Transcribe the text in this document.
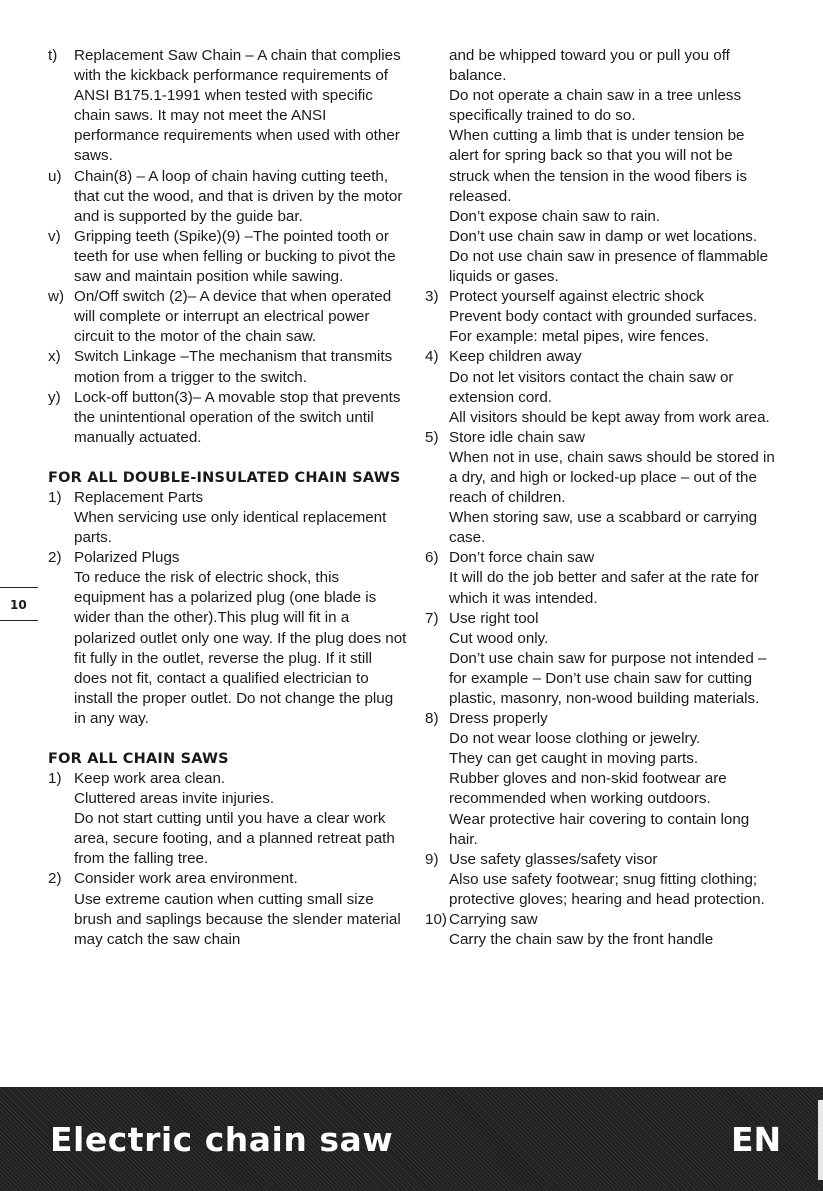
t)	Replacement Saw Chain – A chain that complies with the kickback performance requirements of ANSI B175.1-1991 when tested with specific chain saws. It may not meet the ANSI performance requirements when used with other saws.
u) Chain(8) – A loop of chain having cutting teeth, that cut the wood, and that is driven by the motor and is supported by the guide bar.
v) Gripping teeth (Spike)(9) –The pointed tooth or teeth for use when felling or bucking to pivot the saw and maintain position while sawing.
w) On/Off switch (2)– A device that when operated will complete or interrupt an electrical power circuit to the motor of the chain saw.
x) Switch Linkage –The mechanism that transmits motion from a trigger to the switch.
y) Lock-off button(3)– A movable stop that prevents the unintentional operation of the switch until manually actuated.
FOR ALL DOUBLE-INSULATED CHAIN SAWS
1) Replacement Parts
When servicing use only identical replacement parts.
2) Polarized Plugs
To reduce the risk of electric shock, this equipment has a polarized plug (one blade is wider than the other).This plug will fit in a polarized outlet only one way. If the plug does not fit fully in the outlet, reverse the plug. If it still does not fit, contact a qualified electrician to install the proper outlet. Do not change the plug in any way.
FOR ALL CHAIN SAWS
1) Keep work area clean.
Cluttered areas invite injuries.
Do not start cutting until you have a clear work area, secure footing, and a planned retreat path from the falling tree.
2) Consider work area environment.
Use extreme caution when cutting small size brush and saplings because the slender material may catch the saw chain
and be whipped toward you or pull you off balance.
Do not operate a chain saw in a tree unless specifically trained to do so.
When cutting a limb that is under tension be alert for spring back so that you will not be struck when the tension in the wood fibers is released.
Don’t expose chain saw to rain.
Don’t use chain saw in damp or wet locations.
Do not use chain saw in presence of flammable liquids or gases.
3) Protect yourself against electric shock
Prevent body contact with grounded surfaces. For example: metal pipes, wire fences.
4) Keep children away
Do not let visitors contact the chain saw or extension cord.
All visitors should be kept away from work area.
5) Store idle chain saw
When not in use, chain saws should be stored in a dry, and high or locked-up place – out of the reach of children.
When storing saw, use a scabbard or carrying case.
6) Don’t force chain saw
It will do the job better and safer at the rate for which it was intended.
7) Use right tool
Cut wood only.
Don’t use chain saw for purpose not intended – for example – Don’t use chain saw for cutting plastic, masonry, non-wood building materials.
8) Dress properly
Do not wear loose clothing or jewelry.
They can get caught in moving parts.
Rubber gloves and non-skid footwear are recommended when working outdoors.
Wear protective hair covering to contain long hair.
9) Use safety glasses/safety visor
Also use safety footwear; snug fitting clothing; protective gloves; hearing and head protection.
10) Carrying saw
Carry the chain saw by the front handle
10
Electric chain saw	EN
